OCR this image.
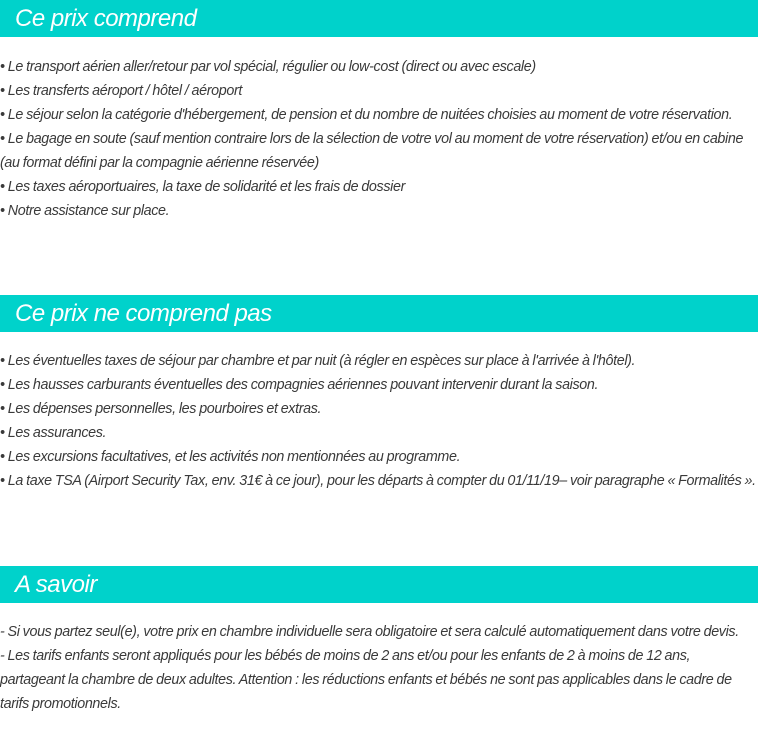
Ce prix comprend
• Le transport aérien aller/retour par vol spécial, régulier ou low-cost (direct ou avec escale)
• Les transferts aéroport / hôtel / aéroport
• Le séjour selon la catégorie d'hébergement, de pension et du nombre de nuitées choisies au moment de votre réservation.
• Le bagage en soute (sauf mention contraire lors de la sélection de votre vol au moment de votre réservation) et/ou en cabine (au format défini par la compagnie aérienne réservée)
• Les taxes aéroportuaires, la taxe de solidarité et les frais de dossier
• Notre assistance sur place.
Ce prix ne comprend pas
• Les éventuelles taxes de séjour par chambre et par nuit (à régler en espèces sur place à l'arrivée à l'hôtel).
• Les hausses carburants éventuelles des compagnies aériennes pouvant intervenir durant la saison.
• Les dépenses personnelles, les pourboires et extras.
• Les assurances.
• Les excursions facultatives, et les activités non mentionnées au programme.
• La taxe TSA (Airport Security Tax, env. 31€ à ce jour), pour les départs à compter du 01/11/19– voir paragraphe « Formalités ».
A savoir
- Si vous partez seul(e), votre prix en chambre individuelle sera obligatoire et sera calculé automatiquement dans votre devis.
- Les tarifs enfants seront appliqués pour les bébés de moins de 2 ans et/ou pour les enfants de 2 à moins de 12 ans, partageant la chambre de deux adultes. Attention : les réductions enfants et bébés ne sont pas applicables dans le cadre de tarifs promotionnels.
